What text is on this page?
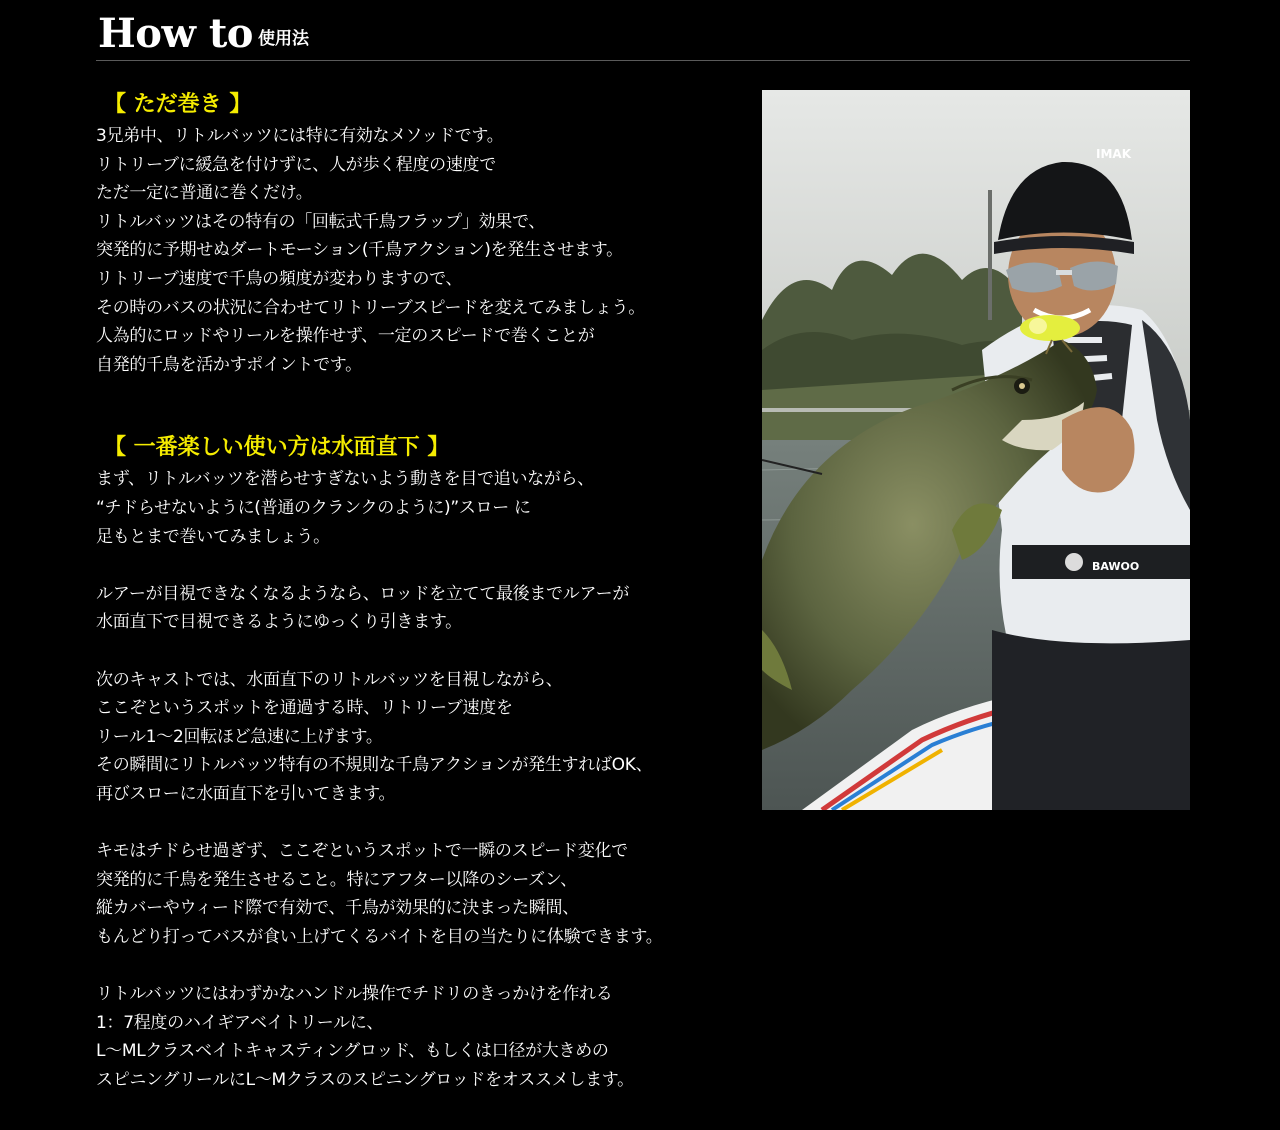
How to 使用法
【 ただ巻き 】

3兄弟中、リトルバッツには特に有効なメソッドです。
リトリーブに緩急を付けずに、人が歩く程度の速度で
ただ一定に普通に巻くだけ。
リトルバッツはその特有の「回転式千鳥フラップ」効果で、
突発的に予期せぬダートモーション(千鳥アクション)を発生させます。
リトリーブ速度で千鳥の頻度が変わりますので、
その時のバスの状況に合わせてリトリーブスピードを変えてみましょう。
人為的にロッドやリールを操作せず、一定のスピードで巻くことが
自発的千鳥を活かすポイントです。

【 一番楽しい使い方は水面直下 】

まず、リトルバッツを潜らせすぎないよう動きを目で追いながら、
“チドらせないように(普通のクランクのように)”スロー に
足もとまで巻いてみましょう。

ルアーが目視できなくなるようなら、ロッドを立てて最後までルアーが
水面直下で目視できるようにゆっくり引きます。

次のキャストでは、水面直下のリトルバッツを目視しながら、
ここぞというスポットを通過する時、リトリーブ速度を
リール1～2回転ほど急速に上げます。
その瞬間にリトルバッツ特有の不規則な千鳥アクションが発生すればOK、
再びスローに水面直下を引いてきます。

キモはチドらせ過ぎず、ここぞというスポットで一瞬のスピード変化で
突発的に千鳥を発生させること。特にアフター以降のシーズン、
縦カバーやウィード際で有効で、千鳥が効果的に決まった瞬間、
もんどり打ってバスが食い上げてくるバイトを目の当たりに体験できます。

リトルバッツにはわずかなハンドル操作でチドリのきっかけを作れる
1：7程度のハイギアベイトリールに、
L～MLクラスベイトキャスティングロッド、もしくは口径が大きめの
スピニングリールにL～Mクラスのスピニングロッドをオススメします。

IMAK
BAWOO
